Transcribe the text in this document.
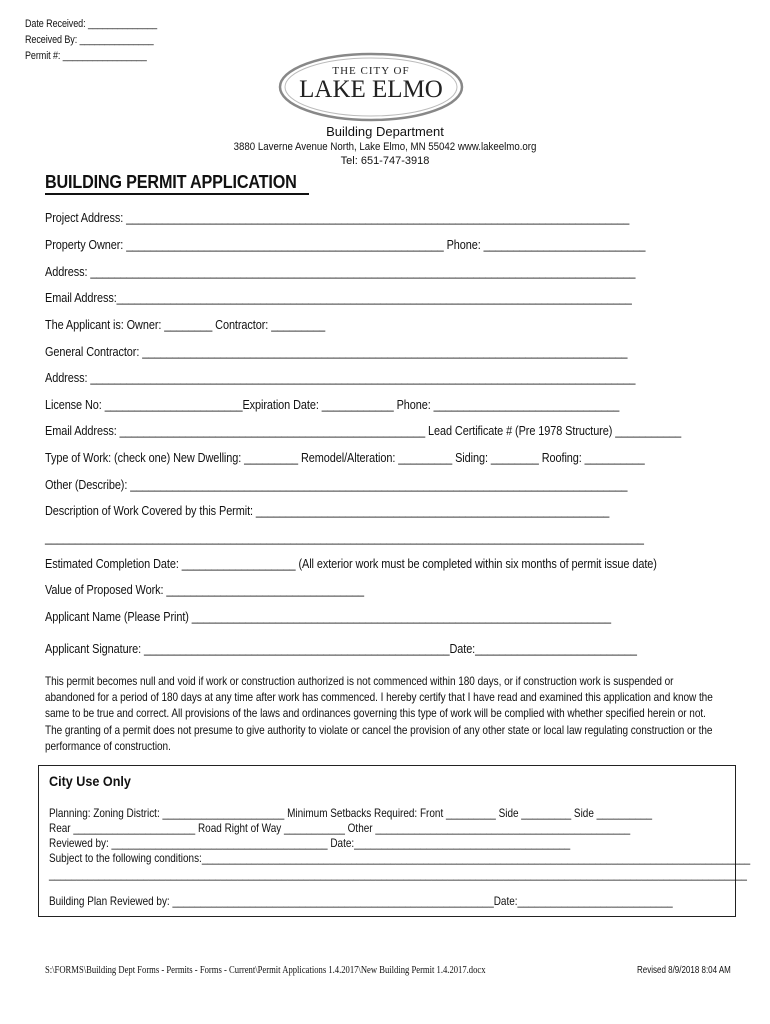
Date Received: ______________
Received By: _______________
Permit #: _________________
THE CITY OF
LAKE ELMO
Building Department
3880 Laverne Avenue North, Lake Elmo, MN 55042 www.lakeelmo.org
Tel: 651-747-3918
BUILDING PERMIT APPLICATION
Project Address: ____________________________________________________________________________________
Property Owner: _____________________________________________________ Phone: ___________________________
Address: ___________________________________________________________________________________________
Email Address:______________________________________________________________________________________
The Applicant is: Owner: ________ Contractor: _________
General Contractor: _________________________________________________________________________________
Address: ___________________________________________________________________________________________
License No: _______________________Expiration Date: ____________ Phone: _______________________________
Email Address: ___________________________________________________ Lead Certificate # (Pre 1978 Structure) ___________
Type of Work: (check one) New Dwelling: _________ Remodel/Alteration: _________ Siding: ________ Roofing: __________
Other (Describe): ___________________________________________________________________________________
Description of Work Covered by this Permit: ___________________________________________________________
____________________________________________________________________________________________________
Estimated Completion Date: ___________________ (All exterior work must be completed within six months of permit issue date)
Value of Proposed Work: _________________________________
Applicant Name (Please Print) ______________________________________________________________________
Applicant Signature: ___________________________________________________Date:___________________________
This permit becomes null and void if work or construction authorized is not commenced within 180 days, or if construction work is suspended or abandoned for a period of 180 days at any time after work has commenced. I hereby certify that I have read and examined this application and know the same to be true and correct. All provisions of the laws and ordinances governing this type of work will be complied with whether specified herein or not. The granting of a permit does not presume to give authority to violate or cancel the provision of any other state or local law regulating construction or the performance of construction.
City Use Only
Planning: Zoning District: ______________________ Minimum Setbacks Required: Front _________ Side _________ Side __________
Rear ______________________ Road Right of Way ___________ Other ______________________________________________
Reviewed by: _______________________________________ Date:_______________________________________
Subject to the following conditions:___________________________________________________________________________________________________
______________________________________________________________________________________________________________________________
Building Plan Reviewed by: __________________________________________________________Date:____________________________
S:\FORMS\Building Dept Forms - Permits - Forms - Current\Permit Applications 1.4.2017\New Building Permit 1.4.2017.docx	Revised 8/9/2018 8:04 AM
